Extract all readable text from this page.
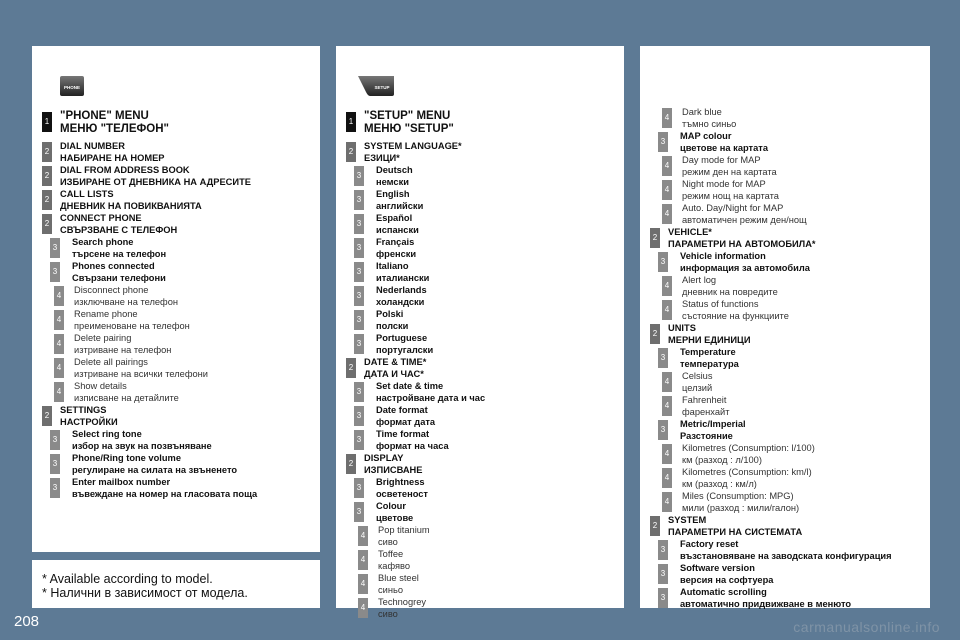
PHONE
1 "PHONE" MENU
МЕНЮ "ТЕЛЕФОН"
2
DIAL NUMBER
НАБИРАНЕ НА НОМЕР
2
DIAL FROM ADDRESS BOOK
ИЗБИРАНЕ ОТ ДНЕВНИКА НА АДРЕСИТЕ
2
CALL LISTS
ДНЕВНИК НА ПОВИКВАНИЯТА
2
CONNECT PHONE
СВЪРЗВАНЕ С ТЕЛЕФОН
3
Search phone
търсене на телефон
3
Phones connected
Свързани телефони
4
Disconnect phone
изключване на телефон
4
Rename phone
преименоване на телефон
4
Delete pairing
изтриване на телефон
4
Delete all pairings
изтриване на всички телефони
4
Show details
изписване на детайлите
2
SETTINGS
НАСТРОЙКИ
3
Select ring tone
избор на звук на позвъняване
3
Phone/Ring tone volume
регулиране на силата на звъненето
3
Enter mailbox number
въвеждане на номер на гласовата поща
SETUP
1 "SETUP" MENU
МЕНЮ "SETUP"
2
SYSTEM LANGUAGE*
ЕЗИЦИ*
3
Deutsch
немски
3
English
английски
3
Español
испански
3
Français
френски
3
Italiano
италиански
3
Nederlands
холандски
3
Polski
полски
3
Portuguese
португалски
2
DATE & TIME*
ДАТА И ЧАС*
3
Set date & time
настройване дата и час
3
Date format
формат дата
3
Time format
формат на часа
2
DISPLAY
ИЗПИСВАНЕ
3
Brightness
осветеност
3
Colour
цветове
4
Pop titanium
сиво
4
Toffee
кафяво
4
Blue steel
синьо
4
Technogrey
сиво
4
Dark blue
тъмно синьо
3
MAP colour
цветове на картата
4
Day mode for MAP
режим ден на картата
4
Night mode for MAP
режим нощ на картата
4
Auto. Day/Night for MAP
автоматичен режим ден/нощ
2
VEHICLE*
ПАРАМЕТРИ НА АВТОМОБИЛА*
3
Vehicle information
информация за автомобила
4
Alert log
дневник на повредите
4
Status of functions
състояние на функциите
2
UNITS
МЕРНИ ЕДИНИЦИ
3
Temperature
температура
4
Celsius
целзий
4
Fahrenheit
фаренхайт
3
Metric/Imperial
Разстояние
4
Kilometres (Consumption: l/100)
км (разход : л/100)
4
Kilometres (Consumption: km/l)
км (разход : км/л)
4
Miles (Consumption: MPG)
мили (разход : мили/галон)
2
SYSTEM
ПАРАМЕТРИ НА СИСТЕМАТА
3
Factory reset
възстановяване на заводската конфигурация
3
Software version
версия на софтуера
3
Automatic scrolling
автоматично придвижване в менюто
* Available according to model.
* Налични в зависимост от модела.
208	carmanualsonline.info
